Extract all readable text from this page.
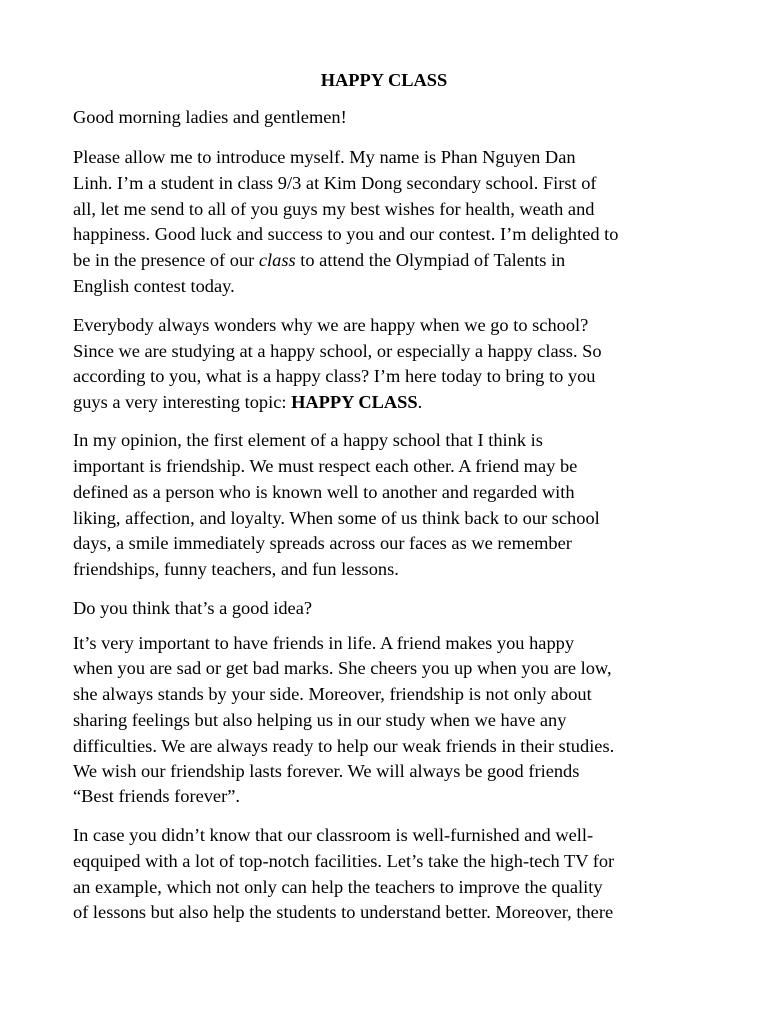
HAPPY CLASS

Good morning ladies and gentlemen!

Please allow me to introduce myself. My name is Phan Nguyen Dan

Linh. I’m a student in class 9/3 at Kim Dong secondary school. First of

all, let me send to all of you guys my best wishes for health, weath and

happiness. Good luck and success to you and our contest. I’m delighted to

be in the presence of our class to attend the Olympiad of Talents in

English contest today.

Everybody always wonders why we are happy when we go to school?

Since we are studying at a happy school, or especially a happy class. So

according to you, what is a happy class? I’m here today to bring to you

guys a very interesting topic: HAPPY CLASS.

In my opinion, the first element of a happy school that I think is

important is friendship. We must respect each other. A friend may be

defined as a person who is known well to another and regarded with

liking, affection, and loyalty. When some of us think back to our school

days, a smile immediately spreads across our faces as we remember

friendships, funny teachers, and fun lessons.

Do you think that’s a good idea?

It’s very important to have friends in life. A friend makes you happy

when you are sad or get bad marks. She cheers you up when you are low,

she always stands by your side. Moreover, friendship is not only about

sharing feelings but also helping us in our study when we have any

difficulties. We are always ready to help our weak friends in their studies.

We wish our friendship lasts forever. We will always be good friends

“Best friends forever”.

In case you didn’t know that our classroom is well-furnished and well-

eqquiped with a lot of top-notch facilities. Let’s take the high-tech TV for

an example, which not only can help the teachers to improve the quality

of lessons but also help the students to understand better. Moreover, there
